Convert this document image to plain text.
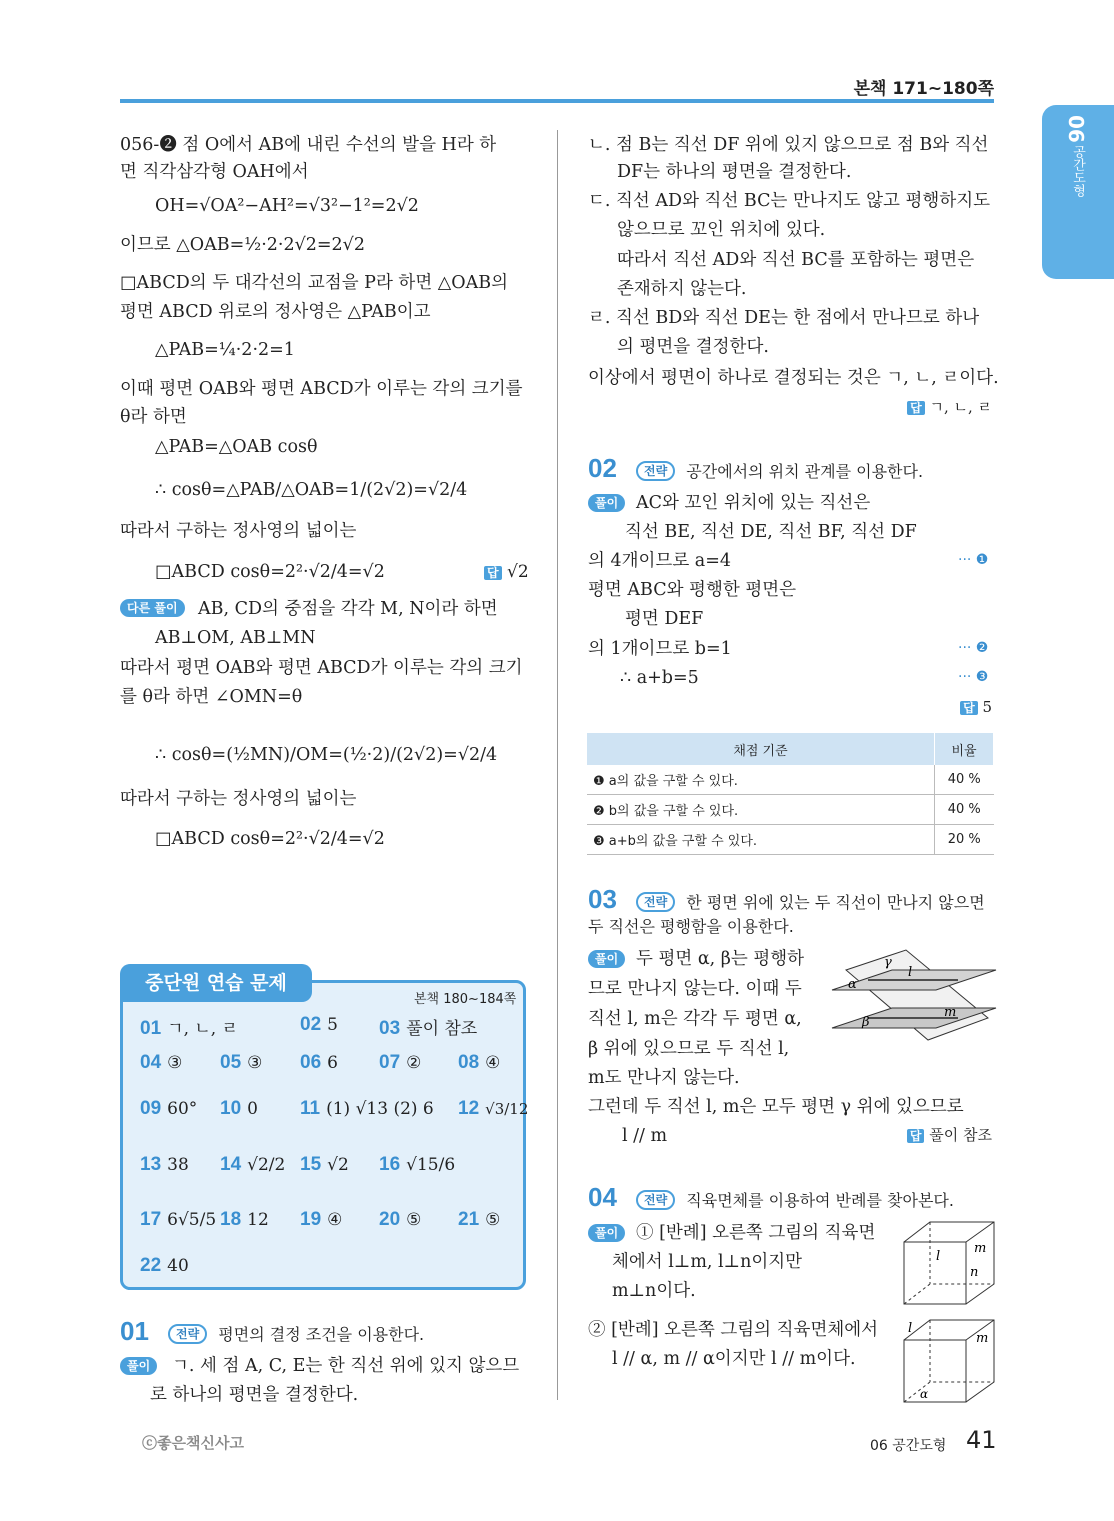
본책 171~180쪽
06
공간도형
056-❷ 점 O에서 AB에 내린 수선의 발을 H라 하
면 직각삼각형 OAH에서
OH=√OA²−AH²=√3²−1²=2√2
이므로 △OAB=½·2·2√2=2√2
□ABCD의 두 대각선의 교점을 P라 하면 △OAB의
평면 ABCD 위로의 정사영은 △PAB이고
△PAB=¼·2·2=1
이때 평면 OAB와 평면 ABCD가 이루는 각의 크기를
θ라 하면
△PAB=△OAB cosθ
∴ cosθ=△PAB/△OAB=1/(2√2)=√2/4
따라서 구하는 정사영의 넓이는
□ABCD cosθ=2²·√2/4=√2	답 √2
다른 풀이	AB, CD의 중점을 각각 M, N이라 하면
AB⊥OM, AB⊥MN
따라서 평면 OAB와 평면 ABCD가 이루는 각의 크기
를 θ라 하면 ∠OMN=θ
∴ cosθ=(½MN)/OM=(½·2)/(2√2)=√2/4
따라서 구하는 정사영의 넓이는
□ABCD cosθ=2²·√2/4=√2
중단원 연습 문제
본책 180~184쪽
01 ㄱ, ㄴ, ㄹ	02 5 03 풀이 참조
04 ③ 05 ③ 06 6 07 ② 08 ④
09 60° 10 0 11 (1) √13 (2) 6 12 √3/12
13 38 14 √2/2 15 √2 16 √15/6
17 6√5/5 18 12 19 ④ 20 ⑤ 21 ⑤
22 40
01 전략 평면의 결정 조건을 이용한다.
풀이	ㄱ. 세 점 A, C, E는 한 직선 위에 있지 않으므
로 하나의 평면을 결정한다.
ㄴ. 점 B는 직선 DF 위에 있지 않으므로 점 B와 직선
DF는 하나의 평면을 결정한다.
ㄷ. 직선 AD와 직선 BC는 만나지도 않고 평행하지도
않으므로 꼬인 위치에 있다.
따라서 직선 AD와 직선 BC를 포함하는 평면은
존재하지 않는다.
ㄹ. 직선 BD와 직선 DE는 한 점에서 만나므로 하나
의 평면을 결정한다.
이상에서 평면이 하나로 결정되는 것은 ㄱ, ㄴ, ㄹ이다.
답 ㄱ, ㄴ, ㄹ
02 전략 공간에서의 위치 관계를 이용한다.
풀이	AC와 꼬인 위치에 있는 직선은
직선 BE, 직선 DE, 직선 BF, 직선 DF
의 4개이므로 a=4
평면 ABC와 평행한 평면은
평면 DEF
의 1개이므로 b=1
∴ a+b=5
··· ❶
··· ❷
··· ❸
답 5
채점 기준	비율
❶ a의 값을 구할 수 있다.	40 %
❷ b의 값을 구할 수 있다.	40 %
❸ a+b의 값을 구할 수 있다.	20 %
03 전략 한 평면 위에 있는 두 직선이 만나지 않으면
두 직선은 평행함을 이용한다.
풀이	두 평면 α, β는 평행하
므로 만나지 않는다. 이때 두
직선 l, m은 각각 두 평면 α,
β 위에 있으므로 두 직선 l,
m도 만나지 않는다.
그런데 두 직선 l, m은 모두 평면 γ 위에 있으므로
l // m	답 풀이 참조
γ
α
l
β
m
04 전략 직육면체를 이용하여 반례를 찾아본다.
풀이	① [반례] 오른쪽 그림의 직육면
체에서 l⊥m, l⊥n이지만
m⊥n이다.
② [반례] 오른쪽 그림의 직육면체에서
l // α, m // α이지만 l // m이다.
l
m
n
l
m
α
ⓒ좋은책신사고	06 공간도형 41
